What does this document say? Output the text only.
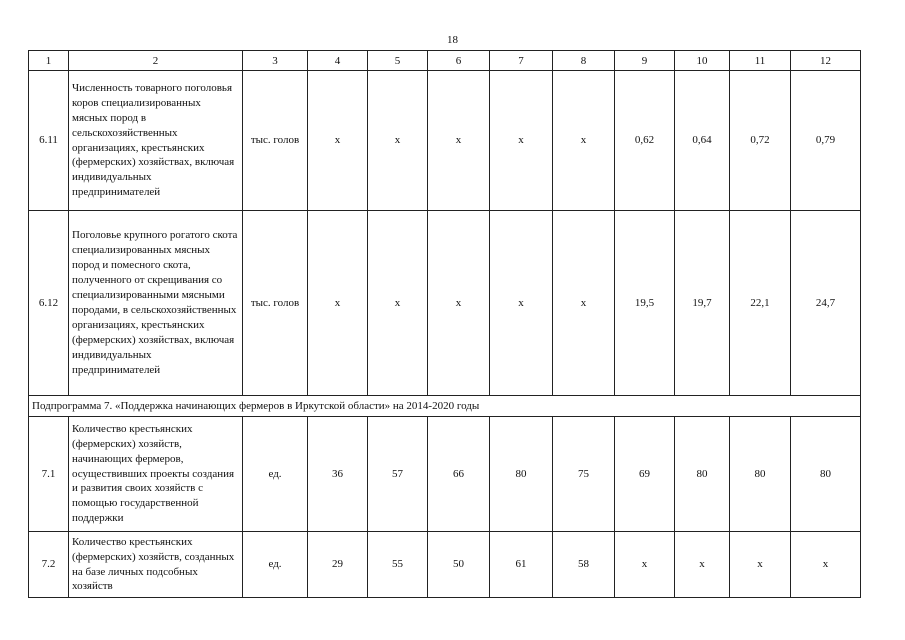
18
1	2	3	4	5	6	7	8	9	10	11	12
6.11	Численность товарного поголовья коров специализированных мясных пород в сельскохозяйственных организациях, крестьянских (фермерских) хозяйствах, включая индивидуальных предпринимателей	тыс. голов	х	х	х	х	х	0,62	0,64	0,72	0,79
6.12	Поголовье крупного рогатого скота специализированных мясных пород и помесного скота, полученного от скрещивания со специализированными мясными породами, в сельскохозяйственных организациях, крестьянских (фермерских) хозяйствах, включая индивидуальных предпринимателей	тыс. голов	х	х	х	х	х	19,5	19,7	22,1	24,7
Подпрограмма 7. «Поддержка начинающих фермеров в Иркутской области» на 2014-2020 годы											
7.1	Количество крестьянских (фермерских) хозяйств, начинающих фермеров, осуществивших проекты создания и развития своих хозяйств с помощью государственной поддержки	ед.	36	57	66	80	75	69	80	80	80
7.2	Количество крестьянских (фермерских) хозяйств, созданных на базе личных подсобных хозяйств	ед.	29	55	50	61	58	х	х	х	х
